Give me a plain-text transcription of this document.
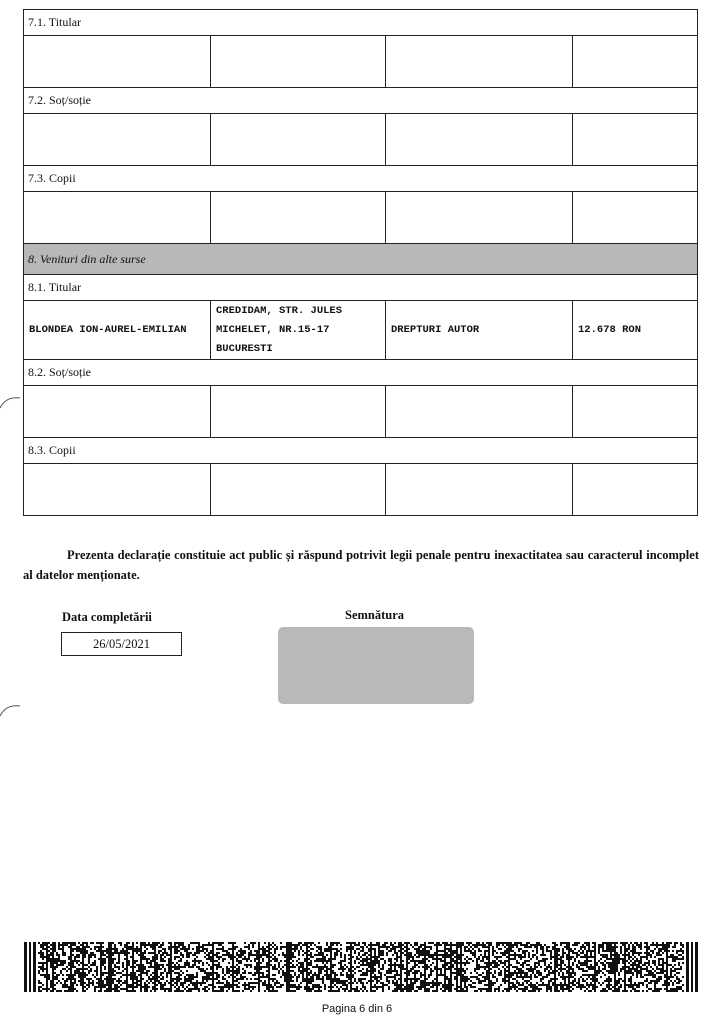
7.1. Titular			

7.2. Soț/soție			

7.3. Copii			

8. Venituri din alte surse			
8.1. Titular			
BLONDEA ION-AUREL-EMILIAN	CREDIDAM, STR. JULES MICHELET, NR.15-17 BUCURESTI	DREPTURI AUTOR	12.678 RON
8.2. Soț/soție			

8.3. Copii			

Prezenta declarație constituie act public și răspund potrivit legii penale pentru inexactitatea sau caracterul incomplet al datelor menționate.
Data completării
26/05/2021
Semnătura
Pagina 6 din 6
